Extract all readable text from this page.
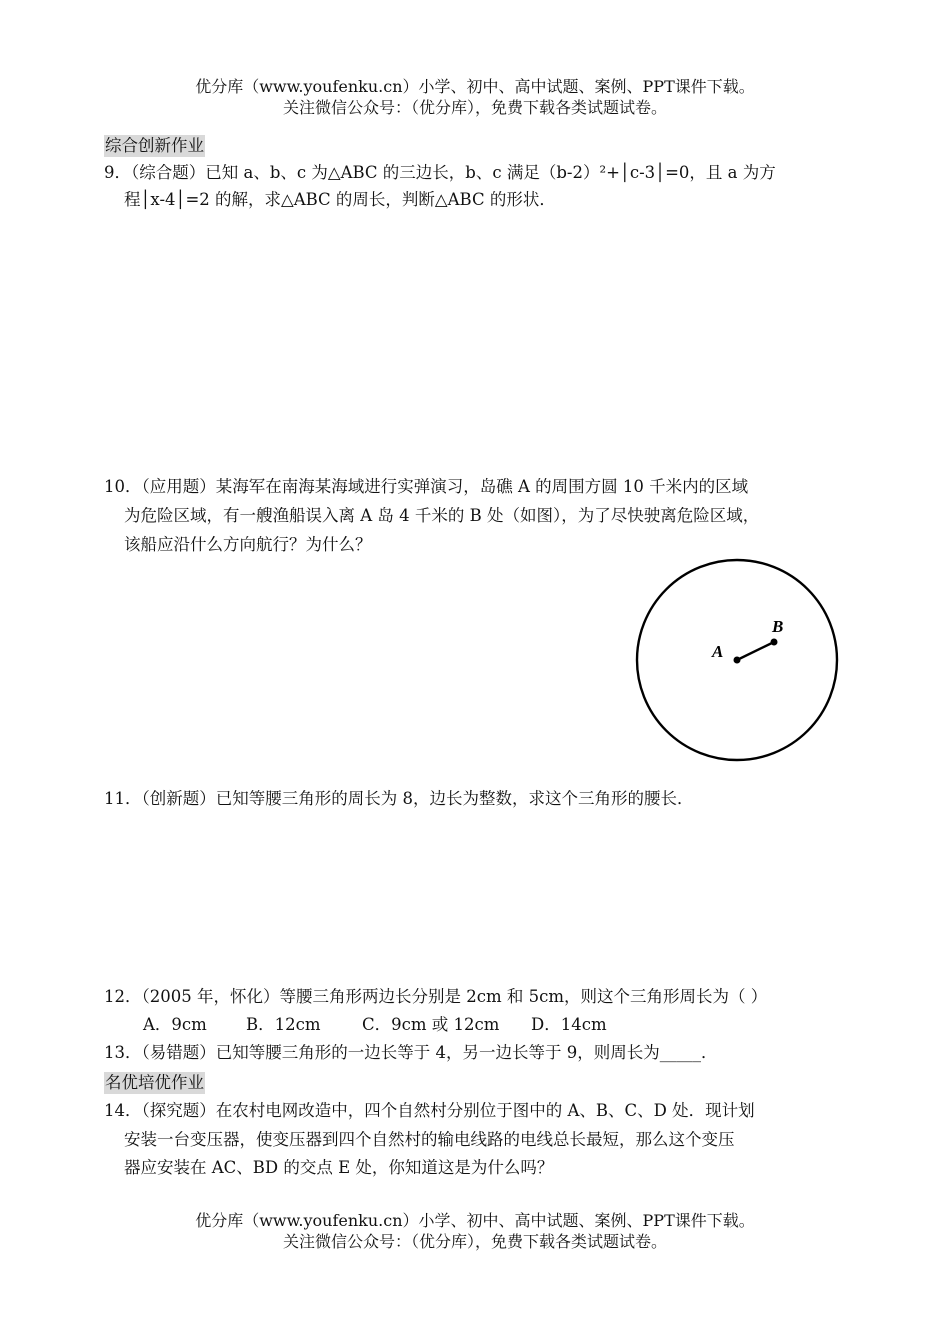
优分库（www.youfenku.cn）小学、初中、高中试题、案例、PPT课件下载。
关注微信公众号：（优分库），免费下载各类试题试卷。
综合创新作业
9．（综合题）已知 a、b、c 为△ABC 的三边长，b、c 满足（b-2）²+│c-3│=0，且 a 为方
程│x-4│=2 的解，求△ABC 的周长，判断△ABC 的形状．
10．（应用题）某海军在南海某海域进行实弹演习，岛礁 A 的周围方圆 10 千米内的区域
为危险区域，有一艘渔船误入离 A 岛 4 千米的 B 处（如图），为了尽快驶离危险区域，
该船应沿什么方向航行？为什么？
A
B
11．（创新题）已知等腰三角形的周长为 8，边长为整数，求这个三角形的腰长．
12．（2005 年，怀化）等腰三角形两边长分别是 2cm 和 5cm，则这个三角形周长为（ ）
A．9cm B．12cm	C．9cm 或 12cm D．14cm
13．（易错题）已知等腰三角形的一边长等于 4，另一边长等于 9，则周长为_____．
名优培优作业
14．（探究题）在农村电网改造中，四个自然村分别位于图中的 A、B、C、D 处．现计划
安装一台变压器，使变压器到四个自然村的输电线路的电线总长最短，那么这个变压
器应安装在 AC、BD 的交点 E 处，你知道这是为什么吗？
优分库（www.youfenku.cn）小学、初中、高中试题、案例、PPT课件下载。
关注微信公众号：（优分库），免费下载各类试题试卷。
